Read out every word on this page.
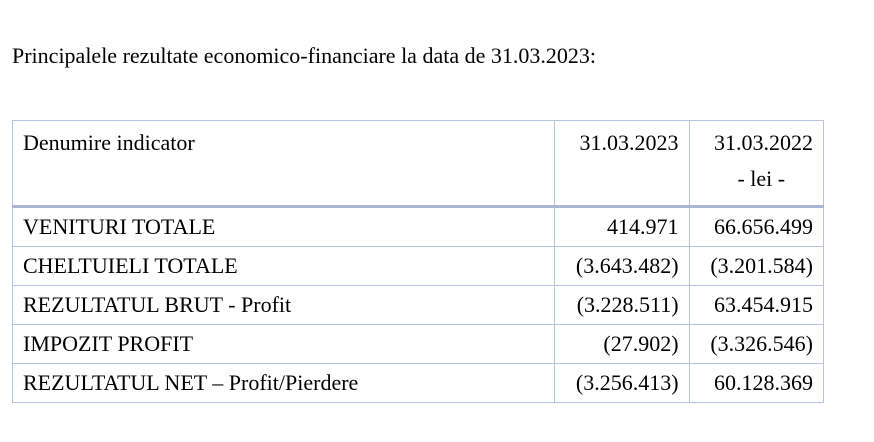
Principalele rezultate economico-financiare la data de 31.03.2023:
Denumire indicator	31.03.2023	31.03.2022
- lei -

VENITURI TOTALE	414.971	66.656.499
CHELTUIELI TOTALE	(3.643.482)	(3.201.584)
REZULTATUL BRUT - Profit	(3.228.511)	63.454.915
IMPOZIT PROFIT	(27.902)	(3.326.546)
REZULTATUL NET – Profit/Pierdere	(3.256.413)	60.128.369
